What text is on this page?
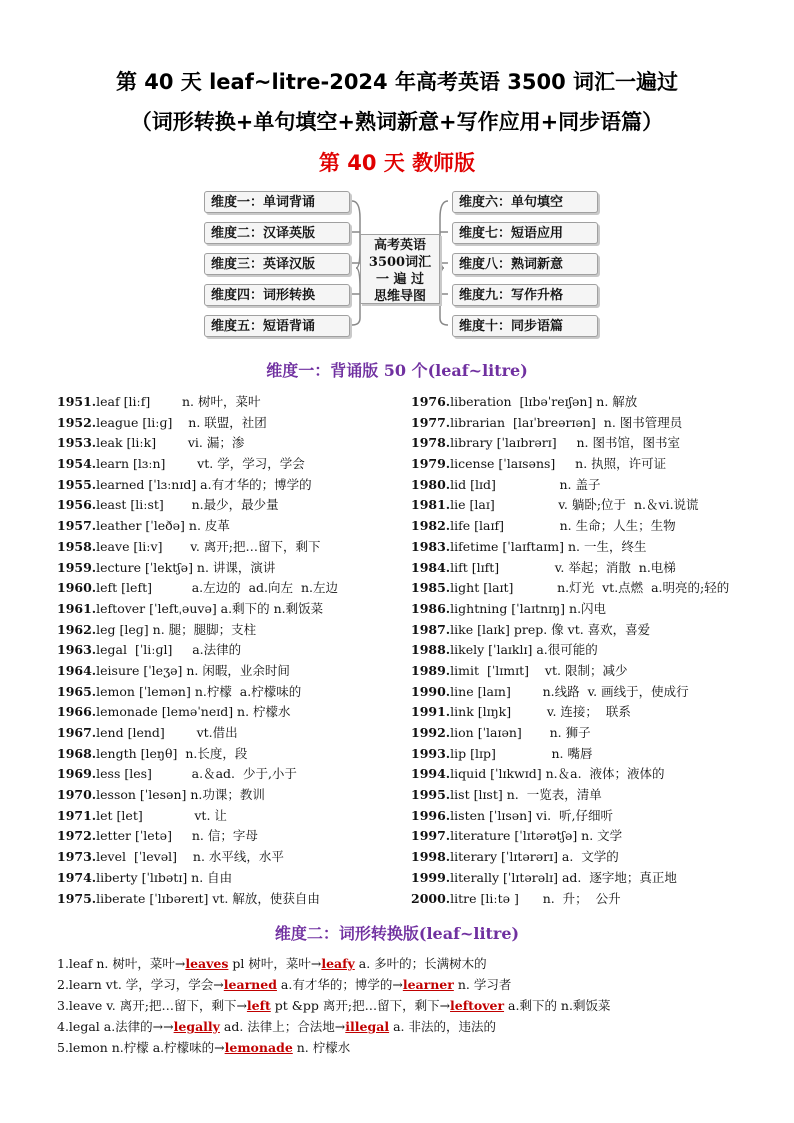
第 40 天 leaf~litre-2024 年高考英语 3500 词汇一遍过
（词形转换+单句填空+熟词新意+写作应用+同步语篇）
第 40 天 教师版
维度一：单词背诵
维度二：汉译英版
维度三：英译汉版
维度四：词形转换
维度五：短语背诵
维度六：单句填空
维度七：短语应用
维度八：熟词新意
维度九：写作升格
维度十：同步语篇
高考英语
3500词汇
一 遍 过
思维导图
维度一：背诵版 50 个(leaf~litre)
1951.leaf [liːf]        n. 树叶，菜叶
1952.league [liːɡ]    n. 联盟，社团
1953.leak [liːk]        vi. 漏；渗
1954.learn [lɜːn]        vt. 学，学习，学会
1955.learned [ˈlɜːnɪd] a.有才华的；博学的
1956.least [liːst]       n.最少，最少量
1957.leather [ˈleðə] n. 皮革
1958.leave [liːv]       v. 离开;把…留下，剩下
1959.lecture [ˈlektʃə] n. 讲课，演讲
1960.left [left]          a.左边的  ad.向左  n.左边
1961.leftover [ˈleftˌəuvə] a.剩下的 n.剩饭菜
1962.leg [leɡ] n. 腿；腿脚；支柱
1963.legal  [ˈliːɡl]     a.法律的
1964.leisure [ˈleʒə] n. 闲暇，业余时间
1965.lemon [ˈlemən] n.柠檬  a.柠檬味的
1966.lemonade [leməˈneɪd] n. 柠檬水
1967.lend [lend]        vt.借出
1968.length [leŋθ]  n.长度，段
1969.less [les]          a.＆ad.  少于,小于
1970.lesson [ˈlesən] n.功课；教训
1971.let [let]             vt. 让
1972.letter [ˈletə]     n. 信；字母
1973.level  [ˈlevəl]    n. 水平线，水平
1974.liberty [ˈlɪbətɪ] n. 自由
1975.liberate [ˈlɪbəreɪt] vt. 解放，使获自由
1976.liberation  [lɪbəˈreɪʃən] n. 解放
1977.librarian  [laɪˈbreərɪən]  n. 图书管理员
1978.library [ˈlaɪbrərɪ]     n. 图书馆，图书室
1979.license [ˈlaɪsəns]     n. 执照，许可证
1980.lid [lɪd]                n. 盖子
1981.lie [laɪ]                v. 躺卧;位于  n.＆vi.说谎
1982.life [laɪf]              n. 生命；人生；生物
1983.lifetime [ˈlaɪftaɪm] n. 一生，终生
1984.lift [lɪft]              v. 举起；消散  n.电梯
1985.light [laɪt]           n.灯光  vt.点燃  a.明亮的;轻的
1986.lightning [ˈlaɪtnɪŋ] n.闪电
1987.like [laɪk] prep. 像 vt. 喜欢，喜爱
1988.likely [ˈlaɪklɪ] a.很可能的
1989.limit  [ˈlɪmɪt]    vt. 限制；减少
1990.line [laɪn]        n.线路  v. 画线于，使成行
1991.link [lɪŋk]         v. 连接；  联系
1992.lion [ˈlaɪən]       n. 狮子
1993.lip [lɪp]              n. 嘴唇
1994.liquid [ˈlɪkwɪd] n.＆a.  液体；液体的
1995.list [lɪst] n.  一览表，清单
1996.listen [ˈlɪsən] vi.  听,仔细听
1997.literature [ˈlɪtərətʃə] n. 文学
1998.literary [ˈlɪtərərɪ] a.  文学的
1999.literally [ˈlɪtərəlɪ] ad.  逐字地；真正地
2000.litre [liːtə ]      n.  升；  公升
维度二：词形转换版(leaf~litre)
1.leaf n. 树叶，菜叶→leaves pl 树叶，菜叶→leafy a. 多叶的；长满树木的
2.learn vt. 学，学习，学会→learned a.有才华的；博学的→learner n. 学习者
3.leave v. 离开;把…留下，剩下→left pt &pp 离开;把…留下，剩下→leftover a.剩下的 n.剩饭菜
4.legal a.法律的→→legally ad. 法律上；合法地→illegal a. 非法的，违法的
5.lemon n.柠檬 a.柠檬味的→lemonade n. 柠檬水
